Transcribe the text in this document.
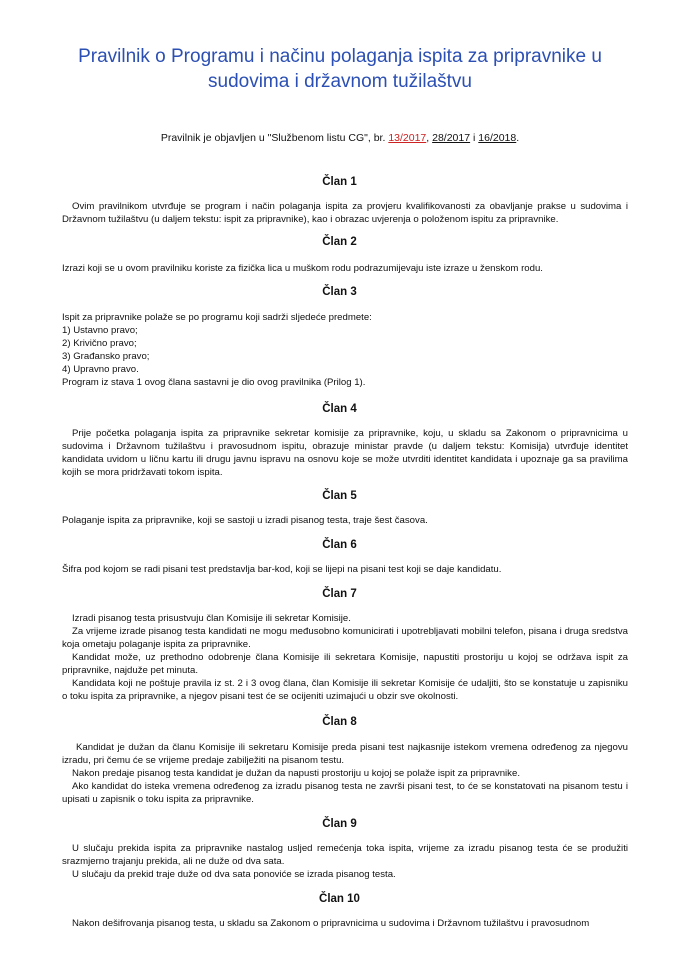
Pravilnik o Programu i načinu polaganja ispita za pripravnike u sudovima i državnom tužilaštvu
Pravilnik je objavljen u "Službenom listu CG", br. 13/2017, 28/2017 i 16/2018.
Član 1

Ovim pravilnikom utvrđuje se program i način polaganja ispita za provjeru kvalifikovanosti za obavljanje prakse u sudovima i Državnom tužilaštvu (u daljem tekstu: ispit za pripravnike), kao i obrazac uvjerenja o položenom ispitu za pripravnike.

Član 2

Izrazi koji se u ovom pravilniku koriste za fizička lica u muškom rodu podrazumijevaju iste izraze u ženskom rodu.

Član 3

Ispit za pripravnike polaže se po programu koji sadrži sljedeće predmete:

1) Ustavno pravo;

2) Krivično pravo;

3) Građansko pravo;

4) Upravno pravo.

Program iz stava 1 ovog člana sastavni je dio ovog pravilnika (Prilog 1).

Član 4

Prije početka polaganja ispita za pripravnike sekretar komisije za pripravnike, koju, u skladu sa Zakonom o pripravnicima u sudovima i Državnom tužilaštvu i pravosudnom ispitu, obrazuje ministar pravde (u daljem tekstu: Komisija) utvrđuje identitet kandidata uvidom u ličnu kartu ili drugu javnu ispravu na osnovu koje se može utvrditi identitet kandidata i upoznaje ga sa pravilima kojih se mora pridržavati tokom ispita.

Član 5

Polaganje ispita za pripravnike, koji se sastoji u izradi pisanog testa, traje šest časova.

Član 6

Šifra pod kojom se radi pisani test predstavlja bar-kod, koji se lijepi na pisani test koji se daje kandidatu.

Član 7

Izradi pisanog testa prisustvuju član Komisije ili sekretar Komisije.

Za vrijeme izrade pisanog testa kandidati ne mogu međusobno komunicirati i upotrebljavati mobilni telefon, pisana i druga sredstva koja ometaju polaganje ispita za pripravnike.

Kandidat može, uz prethodno odobrenje člana Komisije ili sekretara Komisije, napustiti prostoriju u kojoj se održava ispit za pripravnike, najduže pet minuta.

Kandidata koji ne poštuje pravila iz st. 2 i 3 ovog člana, član Komisije ili sekretar Komisije će udaljiti, što se konstatuje u zapisniku o toku ispita za pripravnike, a njegov pisani test će se ocijeniti uzimajući u obzir sve okolnosti.

Član 8

Kandidat je dužan da članu Komisije ili sekretaru Komisije preda pisani test najkasnije istekom vremena određenog za njegovu izradu, pri čemu će se vrijeme predaje zabilježiti na pisanom testu.

Nakon predaje pisanog testa kandidat je dužan da napusti prostoriju u kojoj se polaže ispit za pripravnike.

Ako kandidat do isteka vremena određenog za izradu pisanog testa ne završi pisani test, to će se konstatovati na pisanom testu i upisati u zapisnik o toku ispita za pripravnike.

Član 9

U slučaju prekida ispita za pripravnike nastalog usljed remećenja toka ispita, vrijeme za izradu pisanog testa će se produžiti srazmjerno trajanju prekida, ali ne duže od dva sata.

U slučaju da prekid traje duže od dva sata ponoviće se izrada pisanog testa.

Član 10

Nakon dešifrovanja pisanog testa, u skladu sa Zakonom o pripravnicima u sudovima i Državnom tužilaštvu i pravosudnom
